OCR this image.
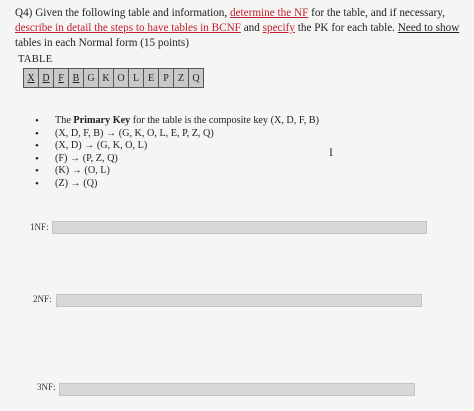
Q4) Given the following table and information, determine the NF for the table, and if necessary, describe in detail the steps to have tables in BCNF and specify the PK for each table. Need to show tables in each Normal form (15 points)

TABLE
X	D	F	B	G	K	O	L	E	P	Z	Q
• The Primary Key for the table is the composite key (X, D, F, B)
• (X, D, F, B) → (G, K, O, L, E, P, Z, Q)
• (X, D) → (G, K, O, L)
• (F) → (P, Z, Q)
• (K) → (O, L)
• (Z) → (Q)
I
1NF:
2NF:
3NF:
